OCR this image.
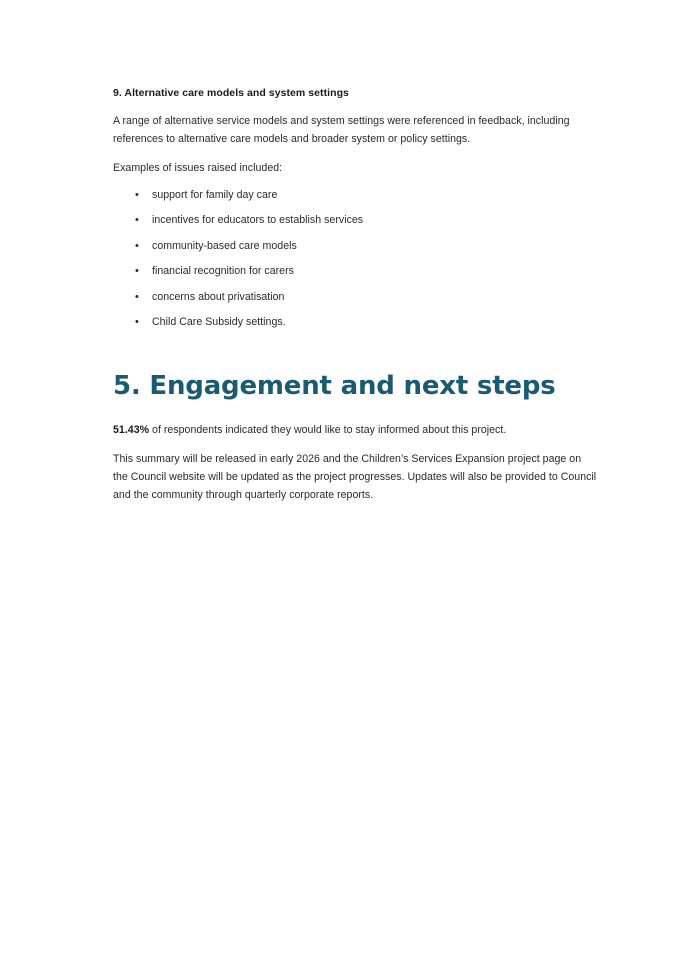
9. Alternative care models and system settings

A range of alternative service models and system settings were referenced in feedback, including references to alternative care models and broader system or policy settings.

Examples of issues raised included:

• support for family day care
• incentives for educators to establish services
• community-based care models
• financial recognition for carers
• concerns about privatisation
• Child Care Subsidy settings.
5. Engagement and next steps

51.43% of respondents indicated they would like to stay informed about this project.

This summary will be released in early 2026 and the Children’s Services Expansion project page on the Council website will be updated as the project progresses. Updates will also be provided to Council and the community through quarterly corporate reports.
